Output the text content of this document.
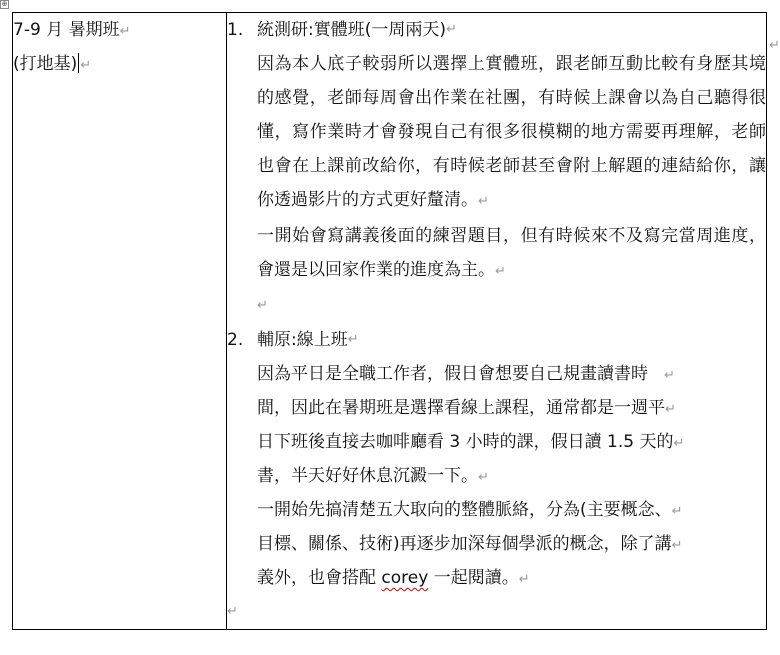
⊕
↵
7-9 月 暑期班↵
(打地基) ↵

1. 統測研:實體班(一周兩天) ↵
因為本人底子較弱所以選擇上實體班，跟老師互動比較有身歷其境的感覺，老師每周會出作業在社團，有時候上課會以為自己聽得很懂，寫作業時才會發現自己有很多很模糊的地方需要再理解，老師也會在上課前改給你，有時候老師甚至會附上解題的連結給你，讓你透過影片的方式更好釐清。↵
一開始會寫講義後面的練習題目，但有時候來不及寫完當周進度，會還是以回家作業的進度為主。↵
↵
2. 輔原:線上班 ↵
因為平日是全職工作者，假日會想要自己規畫讀書時 ↵
間，因此在暑期班是選擇看線上課程，通常都是一週平↵
日下班後直接去咖啡廳看 3 小時的課，假日讀 1.5 天的↵
書，半天好好休息沉澱一下。↵
一開始先搞清楚五大取向的整體脈絡，分為(主要概念、↵
目標、關係、技術)再逐步加深每個學派的概念，除了講↵
義外，也會搭配 corey 一起閱讀。↵
↵
